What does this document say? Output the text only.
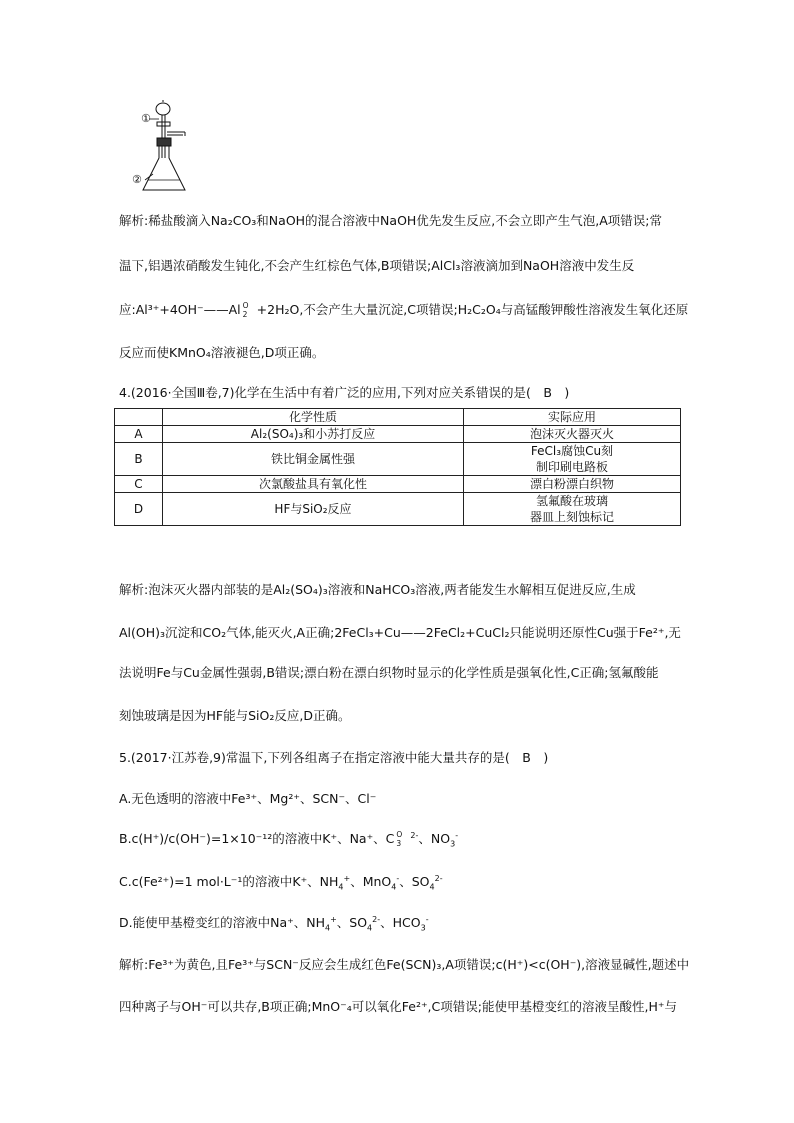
①
②
解析:稀盐酸滴入Na₂CO₃和NaOH的混合溶液中NaOH优先发生反应,不会立即产生气泡,A项错误;常
温下,铝遇浓硝酸发生钝化,不会产生红棕色气体,B项错误;AlCl₃溶液滴加到NaOH溶液中发生反
应:Al³⁺+4OH⁻——Al O
2 +2H₂O,不会产生大量沉淀,C项错误;H₂C₂O₄与高锰酸钾酸性溶液发生氧化还原
反应而使KMnO₄溶液褪色,D项正确。
4.(2016·全国Ⅲ卷,7)化学在生活中有着广泛的应用,下列对应关系错误的是(　B　)
	化学性质	实际应用
A	Al₂(SO₄)₃和小苏打反应	泡沫灭火器灭火
B	铁比铜金属性强	FeCl₃腐蚀Cu刻
制印刷电路板

C	次氯酸盐具有氧化性	漂白粉漂白织物
D	HF与SiO₂反应	氢氟酸在玻璃
器皿上刻蚀标记
解析:泡沫灭火器内部装的是Al₂(SO₄)₃溶液和NaHCO₃溶液,两者能发生水解相互促进反应,生成
Al(OH)₃沉淀和CO₂气体,能灭火,A正确;2FeCl₃+Cu——2FeCl₂+CuCl₂只能说明还原性Cu强于Fe²⁺,无
法说明Fe与Cu金属性强弱,B错误;漂白粉在漂白织物时显示的化学性质是强氧化性,C正确;氢氟酸能
刻蚀玻璃是因为HF能与SiO₂反应,D正确。
5.(2017·江苏卷,9)常温下,下列各组离子在指定溶液中能大量共存的是(　B　)
A.无色透明的溶液中Fe³⁺、Mg²⁺、SCN⁻、Cl⁻
B.c(H⁺)/c(OH⁻)=1×10⁻¹²的溶液中K⁺、Na⁺、C O
3
$^{2-}$、$NO_3^-$
C.c(Fe²⁺)=1 mol·L⁻¹的溶液中K⁺、$NH_4^+$、MnO$_4$-、$SO_4^{2-}$
D.能使甲基橙变红的溶液中Na⁺、$NH_4^+$、$SO_4^{2-}$、$HCO_3^-$
解析:Fe³⁺为黄色,且Fe³⁺与SCN⁻反应会生成红色Fe(SCN)₃,A项错误;c(H⁺)<c(OH⁻),溶液显碱性,题述中
四种离子与OH⁻可以共存,B项正确;MnO⁻₄可以氧化Fe²⁺,C项错误;能使甲基橙变红的溶液呈酸性,H⁺与
